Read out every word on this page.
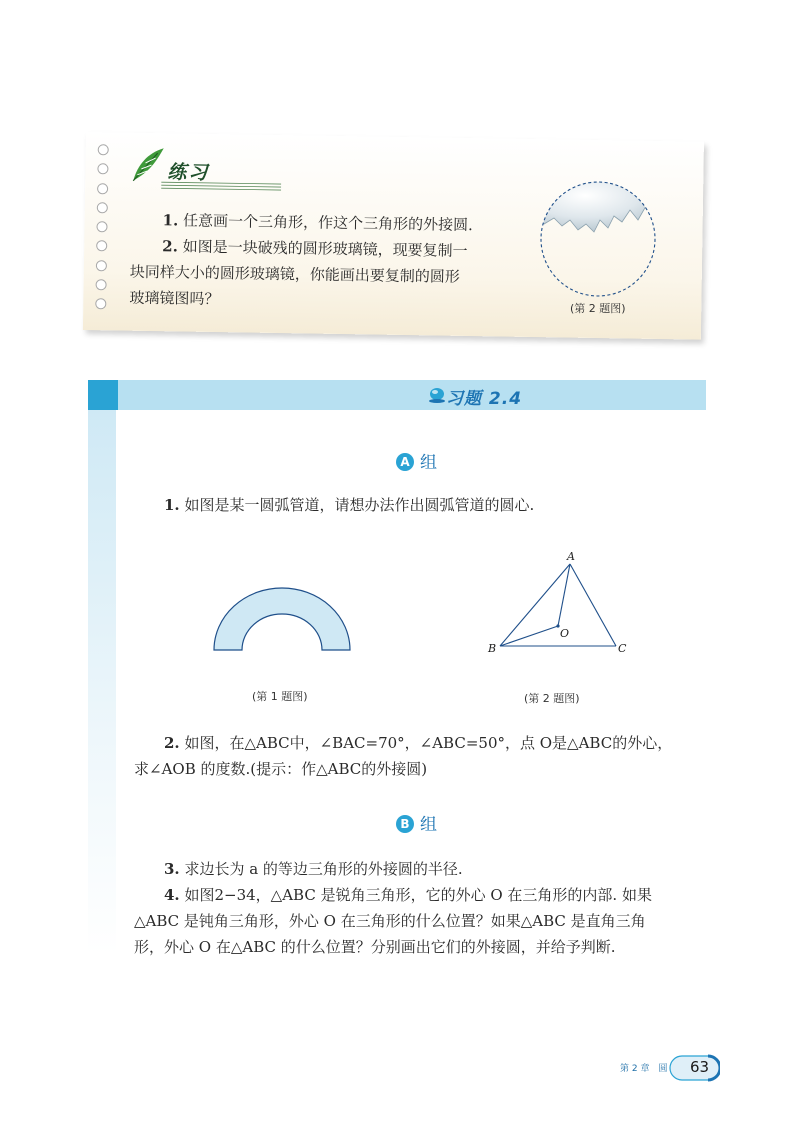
练习
1. 任意画一个三角形，作这个三角形的外接圆.
2. 如图是一块破残的圆形玻璃镜，现要复制一
块同样大小的圆形玻璃镜，你能画出要复制的圆形
玻璃镜图吗？
(第 2 题图)
习题 2.4
A 组
1. 如图是某一圆弧管道，请想办法作出圆弧管道的圆心.
(第 1 题图)
A
B	C
O
(第 2 题图)
2. 如图，在△ABC中，∠BAC=70°，∠ABC=50°，点 O是△ABC的外心，
求∠AOB 的度数.(提示：作△ABC的外接圆)
B 组
3. 求边长为 a 的等边三角形的外接圆的半径.
4. 如图2−34，△ABC 是锐角三角形，它的外心 O 在三角形的内部. 如果
△ABC 是钝角三角形，外心 O 在三角形的什么位置？如果△ABC 是直角三角
形，外心 O 在△ABC 的什么位置？分别画出它们的外接圆，并给予判断.
第 2 章　圆 63
